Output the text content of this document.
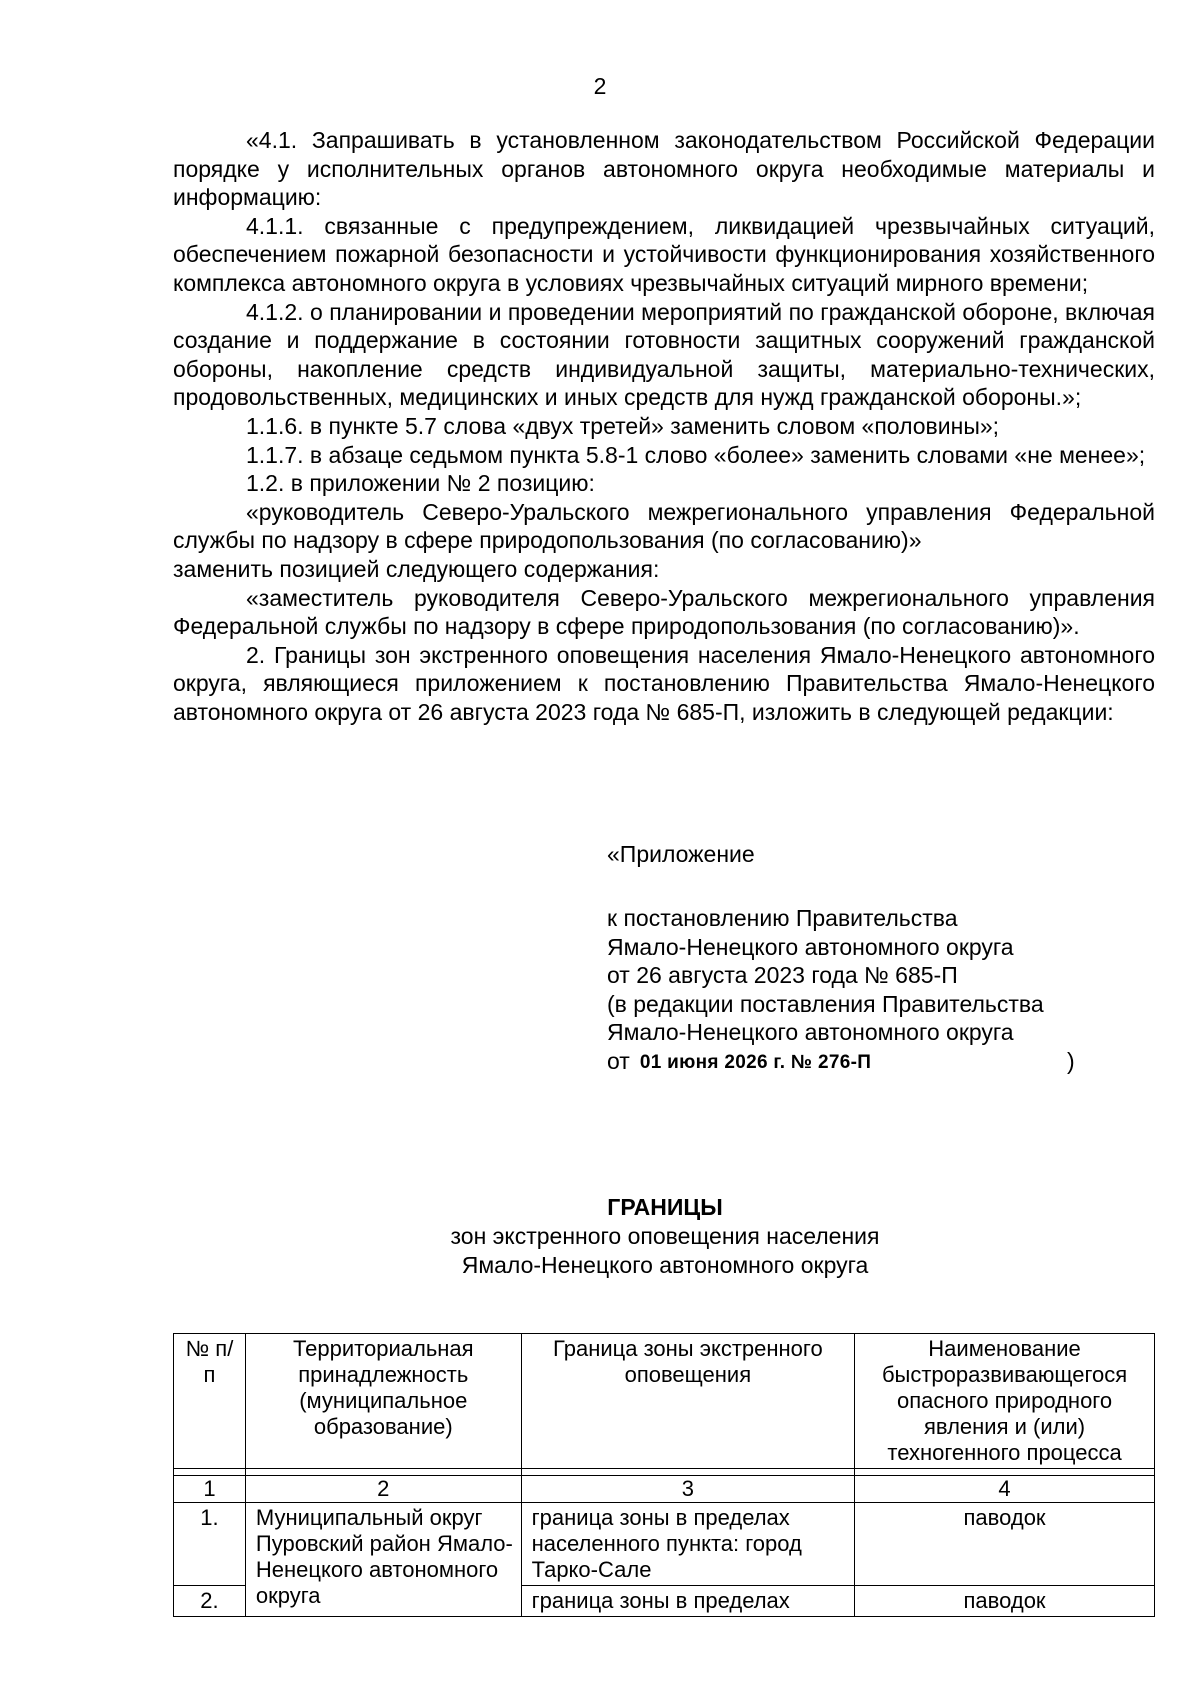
2

«4.1. Запрашивать в установленном законодательством Российской Федерации порядке у исполнительных органов автономного округа необходимые материалы и информацию:

4.1.1. связанные с предупреждением, ликвидацией чрезвычайных ситуаций, обеспечением пожарной безопасности и устойчивости функционирования хозяйственного комплекса автономного округа в условиях чрезвычайных ситуаций мирного времени;

4.1.2. о планировании и проведении мероприятий по гражданской обороне, включая создание и поддержание в состоянии готовности защитных сооружений гражданской обороны, накопление средств индивидуальной защиты, материально-технических, продовольственных, медицинских и иных средств для нужд гражданской обороны.»;

1.1.6. в пункте 5.7 слова «двух третей» заменить словом «половины»;

1.1.7. в абзаце седьмом пункта 5.8-1 слово «более» заменить словами «не менее»;

1.2. в приложении № 2 позицию:

«руководитель Северо-Уральского межрегионального управления Федеральной службы по надзору в сфере природопользования (по согласованию)»

заменить позицией следующего содержания:

«заместитель руководителя Северо-Уральского межрегионального управления Федеральной службы по надзору в сфере природопользования (по согласованию)».

2. Границы зон экстренного оповещения населения Ямало-Ненецкого автономного округа, являющиеся приложением к постановлению Правительства Ямало-Ненецкого автономного округа от 26 августа 2023 года № 685-П, изложить в следующей редакции:

«Приложение
к постановлению Правительства
Ямало-Ненецкого автономного округа
от 26 августа 2023 года № 685-П
(в редакции поставления Правительства
Ямало-Ненецкого автономного округа
от 01 июня 2026 г. № 276-П	)
ГРАНИЦЫ
зон экстренного оповещения населения
Ямало-Ненецкого автономного округа
№ п/п	Территориальная принадлежность (муниципальное образование)	Граница зоны экстренного оповещения	Наименование быстроразвивающегося опасного природного явления и (или) техногенного процесса

1	2	3	4
1.	Муниципальный округ Пуровский район Ямало-Ненецкого автономного округа	граница зоны в пределах населенного пункта: город Тарко-Сале	паводок
2.		граница зоны в пределах	паводок
